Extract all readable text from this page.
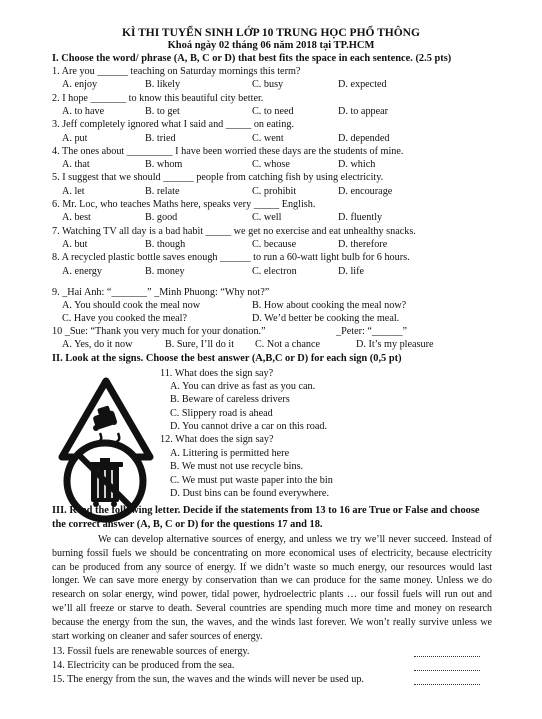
KÌ THI TUYỂN SINH LỚP 10 TRUNG HỌC PHỔ THÔNG
Khoá ngày 02 tháng 06 năm 2018 tại TP.HCM
I. Choose the word/ phrase (A, B, C or D) that best fits the space in each sentence. (2.5 pts)
1. Are you ______ teaching on Saturday mornings this term?
A. enjoy	B. likely	C. busy	D. expected
2. I hope _______ to know this beautiful city better.
A. to have	B. to get	C. to need	D. to appear
3. Jeff completely ignored what I said and _____ on eating.
A. put	B. tried	C. went	D. depended
4. The ones about _________ I have been worried these days are the students of mine.
A. that	B. whom	C. whose	D. which
5. I suggest that we should ______ people from catching fish by using electricity.
A. let	B. relate	C. prohibit	D. encourage
6. Mr. Loc, who teaches Maths here, speaks very _____ English.
A. best	B. good	C. well	D. fluently
7. Watching TV all day is a bad habit _____ we get no exercise and eat unhealthy snacks.
A. but	B. though	C. because	D. therefore
8. A recycled plastic bottle saves enough ______ to run a 60-watt light bulb for 6 hours.
A. energy	B. money	C. electron	D. life
9. _Hai Anh: “_______” _Minh Phuong: “Why not?”
A. You should cook the meal now	B. How about cooking the meal now?
C. Have you cooked the meal?	D. We’d better be cooking the meal.
10 _Sue: “Thank you very much for your donation.”	_Peter: “______”
A. Yes, do it now	B. Sure, I’ll do it C. Not a chance	D. It’s my pleasure
II. Look at the signs. Choose the best answer (A,B,C or D) for each sign (0,5 pt)
11. What does the sign say?
A. You can drive as fast as you can.
B. Beware of careless drivers
C. Slippery road is ahead
D. You cannot drive a car on this road.
12. What does the sign say?
A. Littering is permitted here
B. We must not use recycle bins.
C. We must put waste paper into the bin
D. Dust bins can be found everywhere.
III. Read the following letter. Decide if the statements from 13 to 16 are True or False and choose
the correct answer (A, B, C or D) for the questions 17 and 18.

We can develop alternative sources of energy, and unless we try we’ll never succeed. Instead of burning fossil fuels we should be concentrating on more economical uses of electricity, because electricity can be produced from any source of energy. If we didn’t waste so much energy, our resources would last longer. We can save more energy by conservation than we can produce for the same money. Unless we do research on solar energy, wind power, tidal power, hydroelectric plants … our fossil fuels will run out and we’ll all freeze or starve to death. Several countries are spending much more time and money on research because the energy from the sun, the waves, and the winds last forever. We won’t really survive unless we start working on cleaner and safer sources of energy.

13. Fossil fuels are renewable sources of energy.
14. Electricity can be produced from the sea.
15. The energy from the sun, the waves and the winds will never be used up.
